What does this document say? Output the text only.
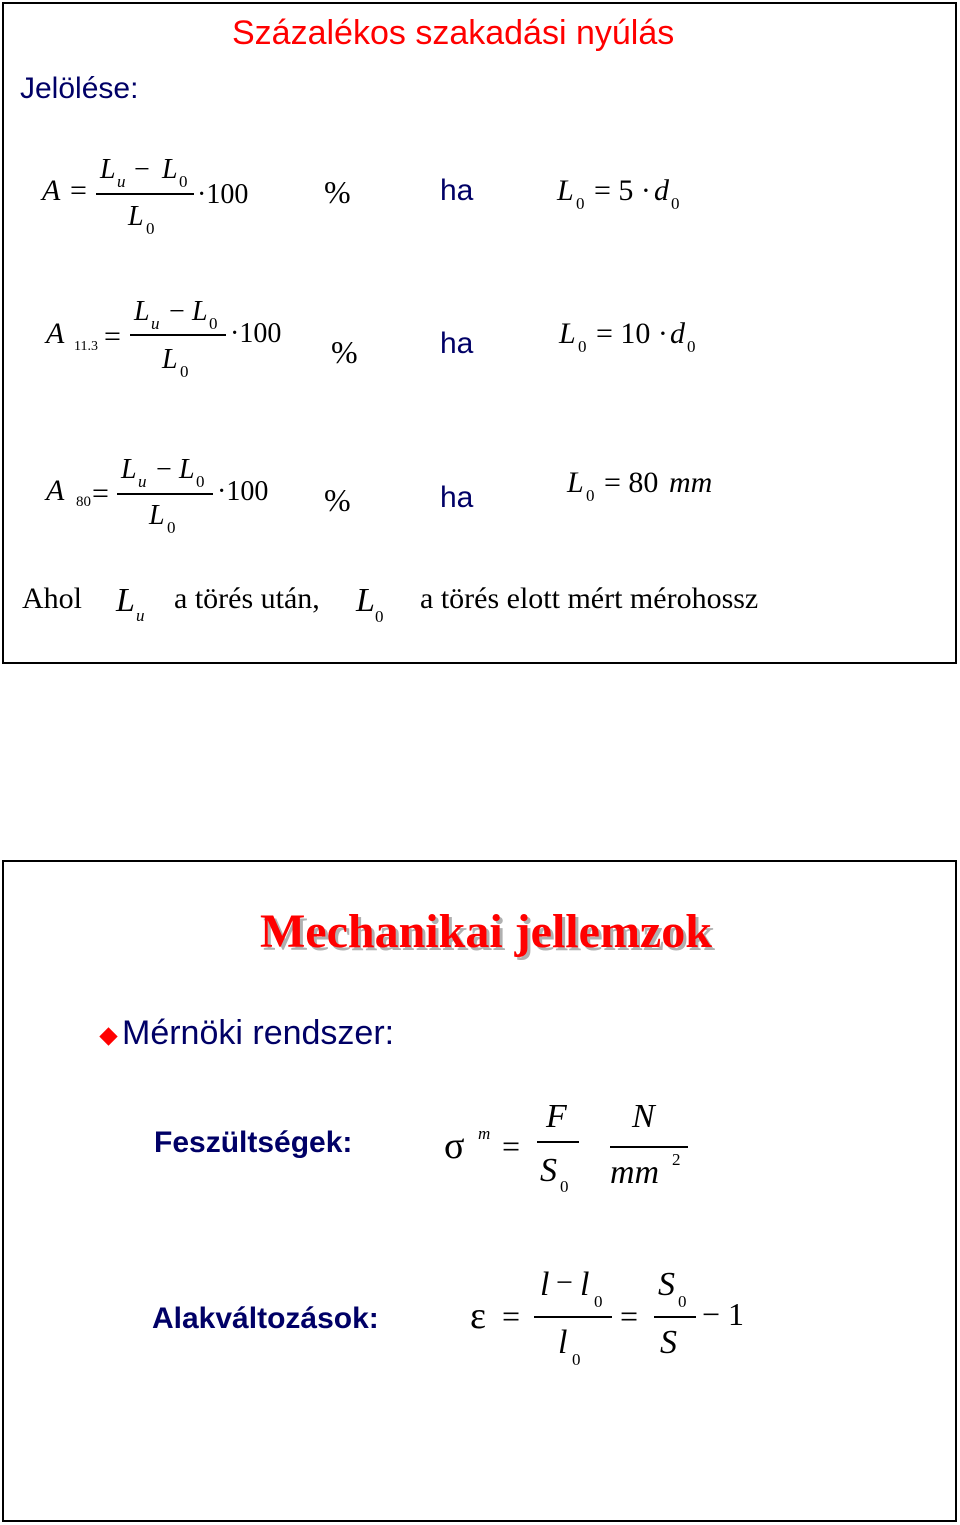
Százalékos szakadási nyúlás
Jelölése:
A =
L u − L 0
L 0
·100 %	ha	L 0 = 5 · d 0
A 11.3 =
L u − L 0
L 0
·100
%	ha	L 0 = 10 · d 0
A 80 =
L u − L 0
L 0
·100 %	ha	L 0 = 80 mm
Ahol L u
a törés után, L 0
a törés elott mért mérohossz
Mechanikai jellemzok
Mérnöki rendszer:
Feszültségek: σ m =
F
S 0
N
mm 2
Alakváltozások: ε =
l − l 0
l 0
=
S 0
S
− 1
